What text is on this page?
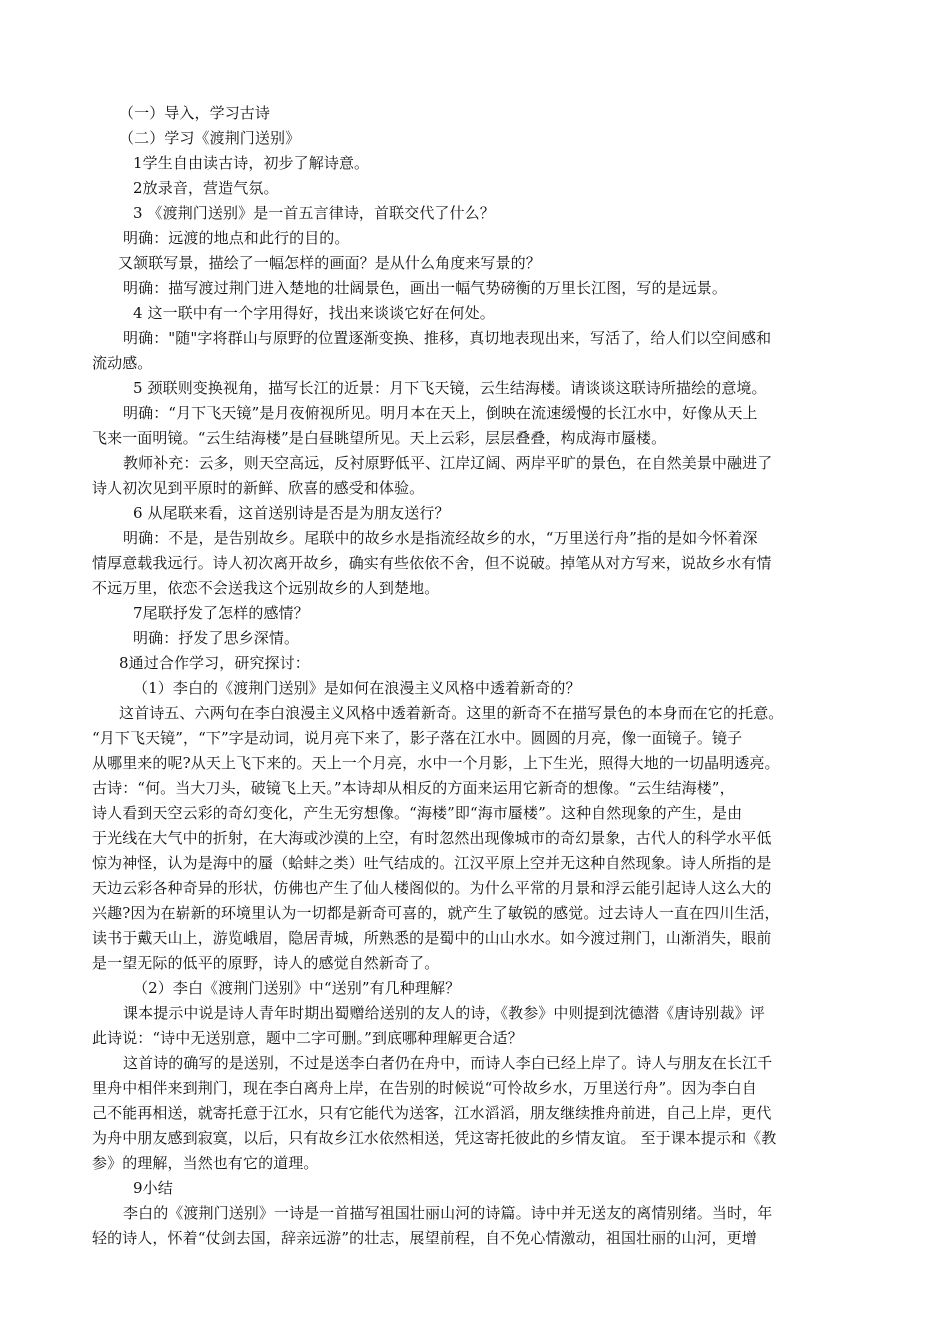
（一）导入，学习古诗
（二）学习《渡荆门送别》
1学生自由读古诗，初步了解诗意。
2放录音，营造气氛。
3 《渡荆门送别》是一首五言律诗，首联交代了什么？
明确：远渡的地点和此行的目的。
又颔联写景，描绘了一幅怎样的画面？是从什么角度来写景的？
明确：描写渡过荆门进入楚地的壮阔景色，画出一幅气势磅衡的万里长江图，写的是远景。
4 这一联中有一个字用得好，找出来谈谈它好在何处。
明确："随"字将群山与原野的位置逐渐变换、推移，真切地表现出来，写活了，给人们以空间感和
流动感。
5 颈联则变换视角，描写长江的近景：月下飞天镜，云生结海楼。请谈谈这联诗所描绘的意境。
明确：“月下飞天镜”是月夜俯视所见。明月本在天上，倒映在流速缓慢的长江水中，好像从天上
飞来一面明镜。“云生结海楼”是白昼眺望所见。天上云彩，层层叠叠，构成海市蜃楼。
教师补充：云多，则天空高远，反衬原野低平、江岸辽阔、两岸平旷的景色，在自然美景中融进了
诗人初次见到平原时的新鲜、欣喜的感受和体验。
6 从尾联来看，这首送别诗是否是为朋友送行？
明确：不是，是告别故乡。尾联中的故乡水是指流经故乡的水，“万里送行舟”指的是如今怀着深
情厚意载我远行。诗人初次离开故乡，确实有些依依不舍，但不说破。掉笔从对方写来，说故乡水有情
不远万里，依恋不会送我这个远别故乡的人到楚地。
7尾联抒发了怎样的感情？
明确：抒发了思乡深情。
8通过合作学习，研究探讨：
（1）李白的《渡荆门送别》是如何在浪漫主义风格中透着新奇的？
这首诗五、六两句在李白浪漫主义风格中透着新奇。这里的新奇不在描写景色的本身而在它的托意。
“月下飞天镜”，“下”字是动词，说月亮下来了，影子落在江水中。圆圆的月亮，像一面镜子。镜子
从哪里来的呢?从天上飞下来的。天上一个月亮，水中一个月影，上下生光，照得大地的一切晶明透亮。
古诗：“何。当大刀头，破镜飞上天。”本诗却从相反的方面来运用它新奇的想像。“云生结海楼”，
诗人看到天空云彩的奇幻变化，产生无穷想像。“海楼”即“海市蜃楼”。这种自然现象的产生，是由
于光线在大气中的折射，在大海或沙漠的上空，有时忽然出现像城市的奇幻景象，古代人的科学水平低
惊为神怪，认为是海中的蜃（蛤蚌之类）吐气结成的。江汉平原上空并无这种自然现象。诗人所指的是
天边云彩各种奇异的形状，仿佛也产生了仙人楼阁似的。为什么平常的月景和浮云能引起诗人这么大的
兴趣?因为在崭新的环境里认为一切都是新奇可喜的，就产生了敏锐的感觉。过去诗人一直在四川生活，
读书于戴天山上，游览峨眉，隐居青城，所熟悉的是蜀中的山山水水。如今渡过荆门，山渐消失，眼前
是一望无际的低平的原野，诗人的感觉自然新奇了。
（2）李白《渡荆门送别》中“送别”有几种理解？
课本提示中说是诗人青年时期出蜀赠给送别的友人的诗，《教参》中则提到沈德潜《唐诗别裁》评
此诗说：“诗中无送别意，题中二字可删。”到底哪种理解更合适？
这首诗的确写的是送别，不过是送李白者仍在舟中，而诗人李白已经上岸了。诗人与朋友在长江千
里舟中相伴来到荆门，现在李白离舟上岸，在告别的时候说“可怜故乡水，万里送行舟”。因为李白自
己不能再相送，就寄托意于江水，只有它能代为送客，江水滔滔，朋友继续推舟前进，自己上岸，更代
为舟中朋友感到寂寞，以后，只有故乡江水依然相送，凭这寄托彼此的乡情友谊。 至于课本提示和《教
参》的理解，当然也有它的道理。
9小结
李白的《渡荆门送别》一诗是一首描写祖国壮丽山河的诗篇。诗中并无送友的离情别绪。当时，年
轻的诗人，怀着“仗剑去国，辞亲远游”的壮志，展望前程，自不免心情激动，祖国壮丽的山河，更增
